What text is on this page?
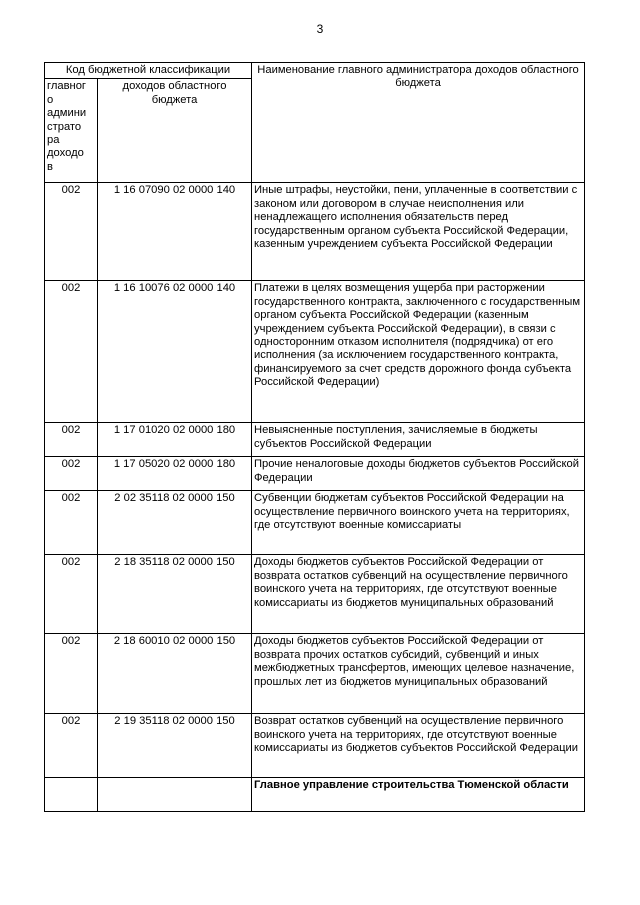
3
Код бюджетной классификации		Наименование главного администратора доходов областного бюджета

главного администратора доходов	доходов областного бюджета	
002	1 16 07090 02 0000 140	Иные штрафы, неустойки, пени, уплаченные в соответствии с законом или договором в случае неисполнения или ненадлежащего исполнения обязательств перед государственным органом субъекта Российской Федерации, казенным учреждением субъекта Российской Федерации
002	1 16 10076 02 0000 140	Платежи в целях возмещения ущерба при расторжении государственного контракта, заключенного с государственным органом субъекта Российской Федерации (казенным учреждением субъекта Российской Федерации), в связи с односторонним отказом исполнителя (подрядчика) от его исполнения (за исключением государственного контракта, финансируемого за счет средств дорожного фонда субъекта Российской Федерации)
002	1 17 01020 02 0000 180	Невыясненные поступления, зачисляемые в бюджеты субъектов Российской Федерации
002	1 17 05020 02 0000 180	Прочие неналоговые доходы бюджетов субъектов Российской Федерации
002	2 02 35118 02 0000 150	Субвенции бюджетам субъектов Российской Федерации на осуществление первичного воинского учета на территориях, где отсутствуют военные комиссариаты
002	2 18 35118 02 0000 150	Доходы бюджетов субъектов Российской Федерации от возврата остатков субвенций на осуществление первичного воинского учета на территориях, где отсутствуют военные комиссариаты из бюджетов муниципальных образований
002	2 18 60010 02 0000 150	Доходы бюджетов субъектов Российской Федерации от возврата прочих остатков субсидий, субвенций и иных межбюджетных трансфертов, имеющих целевое назначение, прошлых лет из бюджетов муниципальных образований
002	2 19 35118 02 0000 150	Возврат остатков субвенций на осуществление первичного воинского учета на территориях, где отсутствуют военные комиссариаты из бюджетов субъектов Российской Федерации
		Главное управление строительства Тюменской области
